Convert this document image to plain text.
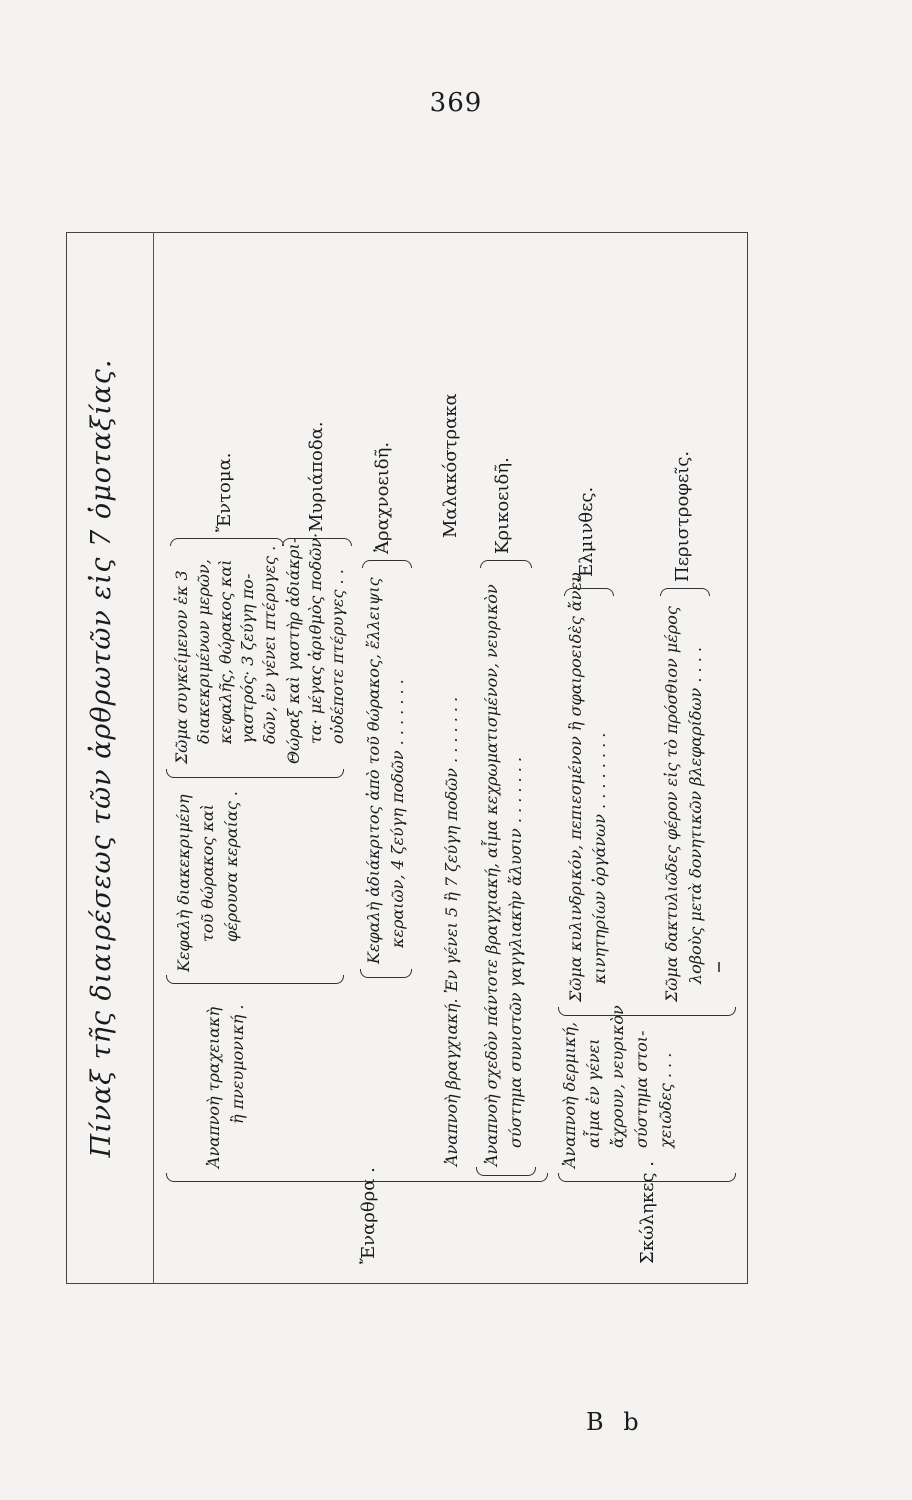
369
Πίναξ τῆς διαιρέσεως τῶν ἀρθρωτῶν εἰς 7 ὁμοταξίας.
Ἔναρθρα .
Ἀναπνοὴ τραχειακὴ ἢ πνευμονική .
Κεφαλὴ διακεκριμένη τοῦ θώρακος καὶ φέρουσα κεραίας .
Σῶμα συγκείμενον ἐκ 3 διακεκριμένων μερῶν, κεφαλῆς, θώρακος καὶ γαστρός· 3 ζεύγη πο- δῶν, ἐν γένει πτέρυγες .
Ἔντομα.
Θώραξ καὶ γαστὴρ ἀδιάκρι- τα· μέγας ἀριθμὸς ποδῶν· οὐδέποτε πτέρυγες . .
Μυριάποδα.
Κεφαλὴ ἀδιάκριτος ἀπὸ τοῦ θώρακος, ἔλλειψις κεραιῶν, 4 ζεύγη ποδῶν . . . . . . .
Ἀραχνοειδῆ.
Ἀναπνοὴ βραγχιακή. Ἐν γένει 5 ἢ 7 ζεύγη ποδῶν . . . . . . .
Μαλακόστρακα
Ἀναπνοὴ σχεδὸν πάντοτε βραγχιακή, αἷμα κεχρωματισμένον, νευρικὸν σύστημα συνιστῶν γαγγλιακὴν ἅλυσιν . . . . . . .
Κρικοειδῆ.
Σκώληκες .
Ἀναπνοὴ δερμική, αἷμα ἐν γένει ἄχρουν, νευρικὸν σύστημα στοι- χειῶδες . . .
Σῶμα κυλινδρικόν, πεπιεσμένον ἢ σφαιροειδὲς ἄνευ κινητηρίων ὀργάνων . . . . . . . .
Ἔλμινθες.
Σῶμα δακτυλιῶδες φέρον εἰς τὸ πρόσθιον μέρος λοβοὺς μετὰ δονητικῶν βλεφαρίδων . . . .
Περιστροφεῖς.
B b
